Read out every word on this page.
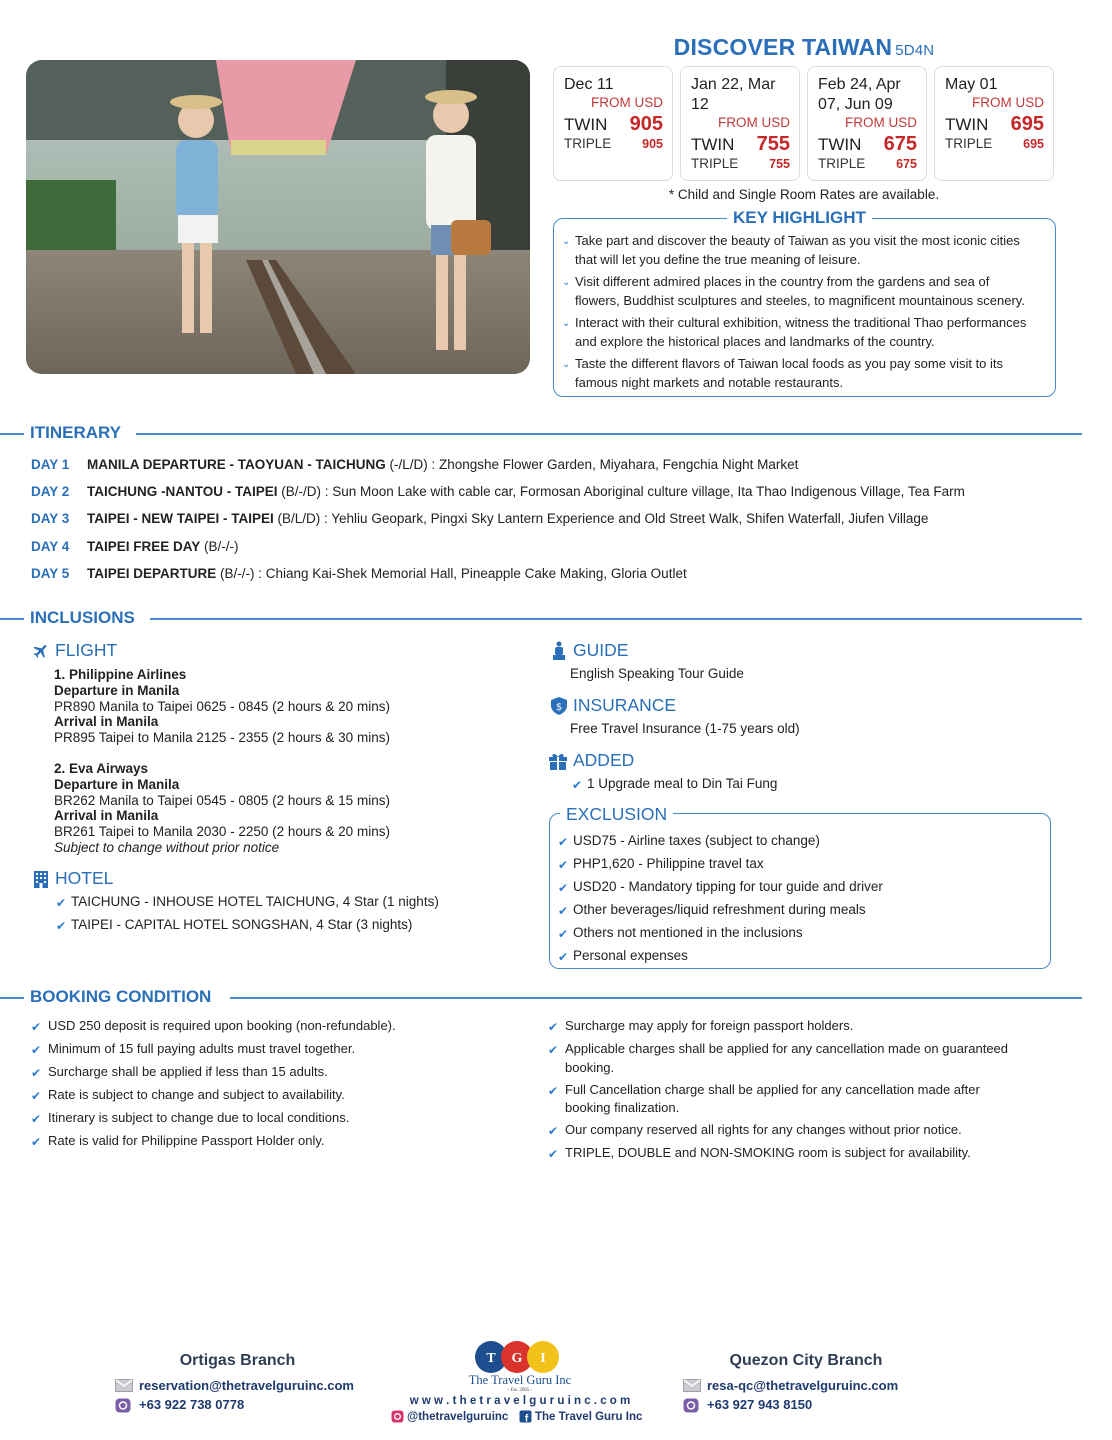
DISCOVER TAIWAN 5D4N
Dec 11
FROM USD
TWIN 905
TRIPLE 905
Jan 22, Mar 12
FROM USD
TWIN 755
TRIPLE 755
Feb 24, Apr 07, Jun 09
FROM USD
TWIN 675
TRIPLE 675
May 01
FROM USD
TWIN 695
TRIPLE 695
* Child and Single Room Rates are available.
⌄ Take part and discover the beauty of Taiwan as you visit the most iconic cities
that will let you define the true meaning of leisure.
⌄ Visit different admired places in the country from the gardens and sea of
flowers, Buddhist sculptures and steeles, to magnificent mountainous scenery.
⌄ Interact with their cultural exhibition, witness the traditional Thao performances
and explore the historical places and landmarks of the country.
⌄ Taste the different flavors of Taiwan local foods as you pay some visit to its
famous night markets and notable restaurants.
KEY HIGHLIGHT
ITINERARY
DAY 1 MANILA DEPARTURE - TAOYUAN - TAICHUNG (-/L/D) : Zhongshe Flower Garden, Miyahara, Fengchia Night Market
DAY 2 TAICHUNG -NANTOU - TAIPEI (B/-/D) : Sun Moon Lake with cable car, Formosan Aboriginal culture village, Ita Thao Indigenous Village, Tea Farm
DAY 3 TAIPEI - NEW TAIPEI - TAIPEI (B/L/D) : Yehliu Geopark, Pingxi Sky Lantern Experience and Old Street Walk, Shifen Waterfall, Jiufen Village
DAY 4 TAIPEI FREE DAY (B/-/-)
DAY 5 TAIPEI DEPARTURE (B/-/-) : Chiang Kai-Shek Memorial Hall, Pineapple Cake Making, Gloria Outlet
INCLUSIONS
FLIGHT
1. Philippine Airlines
Departure in Manila
PR890 Manila to Taipei 0625 - 0845 (2 hours & 20 mins)
Arrival in Manila
PR895 Taipei to Manila 2125 - 2355 (2 hours & 30 mins)
2. Eva Airways
Departure in Manila
BR262 Manila to Taipei 0545 - 0805 (2 hours & 15 mins)
Arrival in Manila
BR261 Taipei to Manila 2030 - 2250 (2 hours & 20 mins)
Subject to change without prior notice
HOTEL
✔ TAICHUNG - INHOUSE HOTEL TAICHUNG, 4 Star (1 nights)
✔ TAIPEI - CAPITAL HOTEL SONGSHAN, 4 Star (3 nights)
GUIDE
English Speaking Tour Guide
$ INSURANCE
Free Travel Insurance (1-75 years old)
ADDED
✔ 1 Upgrade meal to Din Tai Fung
✔ USD75 - Airline taxes (subject to change)
✔ PHP1,620 - Philippine travel tax
✔ USD20 - Mandatory tipping for tour guide and driver
✔ Other beverages/liquid refreshment during meals
✔ Others not mentioned in the inclusions
✔ Personal expenses
EXCLUSION
BOOKING CONDITION
✔ USD 250 deposit is required upon booking (non-refundable).
✔ Minimum of 15 full paying adults must travel together.
✔ Surcharge shall be applied if less than 15 adults.
✔ Rate is subject to change and subject to availability.
✔ Itinerary is subject to change due to local conditions.
✔ Rate is valid for Philippine Passport Holder only.
✔ Surcharge may apply for foreign passport holders.
✔ Applicable charges shall be applied for any cancellation made on guaranteed
booking.
✔ Full Cancellation charge shall be applied for any cancellation made after
booking finalization.
✔ Our company reserved all rights for any changes without prior notice.
✔ TRIPLE, DOUBLE and NON-SMOKING room is subject for availability.
Ortigas Branch
reservation@thetravelguruinc.com
+63 922 738 0778
Quezon City Branch
resa-qc@thetravelguruinc.com
+63 927 943 8150
T G I
The Travel Guru Inc
- Est. 2005 -
w w w . t h e t r a v e l g u r u i n c . c o m
@thetravelguruinc f The Travel Guru Inc
